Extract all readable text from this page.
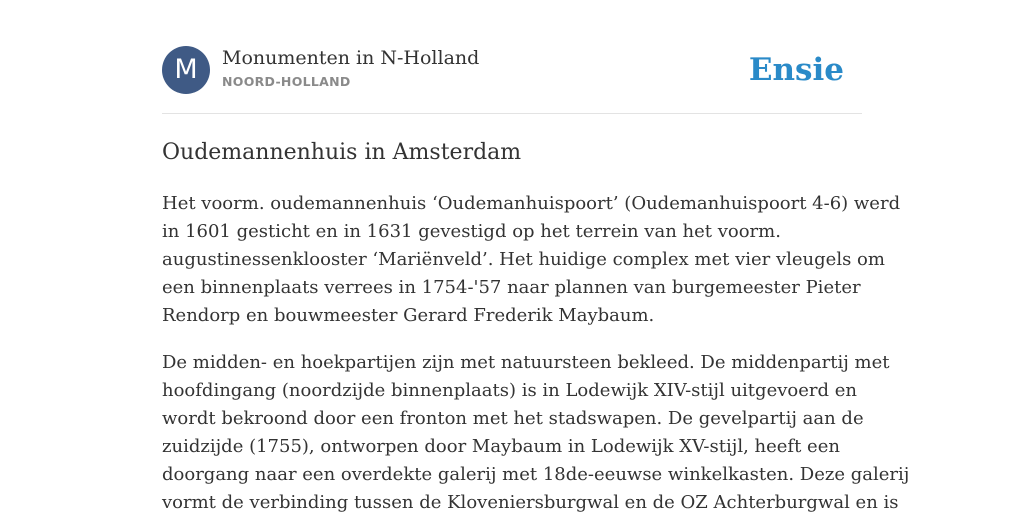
M	Monumenten in N-Holland
NOORD-HOLLAND	Ensie
Oudemannenhuis in Amsterdam

Het voorm. oudemannenhuis ‘Oudemanhuispoort’ (Oudemanhuispoort 4-6) werd
in 1601 gesticht en in 1631 gevestigd op het terrein van het voorm.
augustinessenklooster ‘Mariënveld’. Het huidige complex met vier vleugels om
een binnenplaats verrees in 1754-'57 naar plannen van burgemeester Pieter
Rendorp en bouwmeester Gerard Frederik Maybaum.

De midden- en hoekpartijen zijn met natuursteen bekleed. De middenpartij met
hoofdingang (noordzijde binnenplaats) is in Lodewijk XIV-stijl uitgevoerd en
wordt bekroond door een fronton met het stadswapen. De gevelpartij aan de
zuidzijde (1755), ontworpen door Maybaum in Lodewijk XV-stijl, heeft een
doorgang naar een overdekte galerij met 18de-eeuwse winkelkasten. Deze galerij
vormt de verbinding tussen de Kloveniersburgwal en de OZ Achterburgwal en is
